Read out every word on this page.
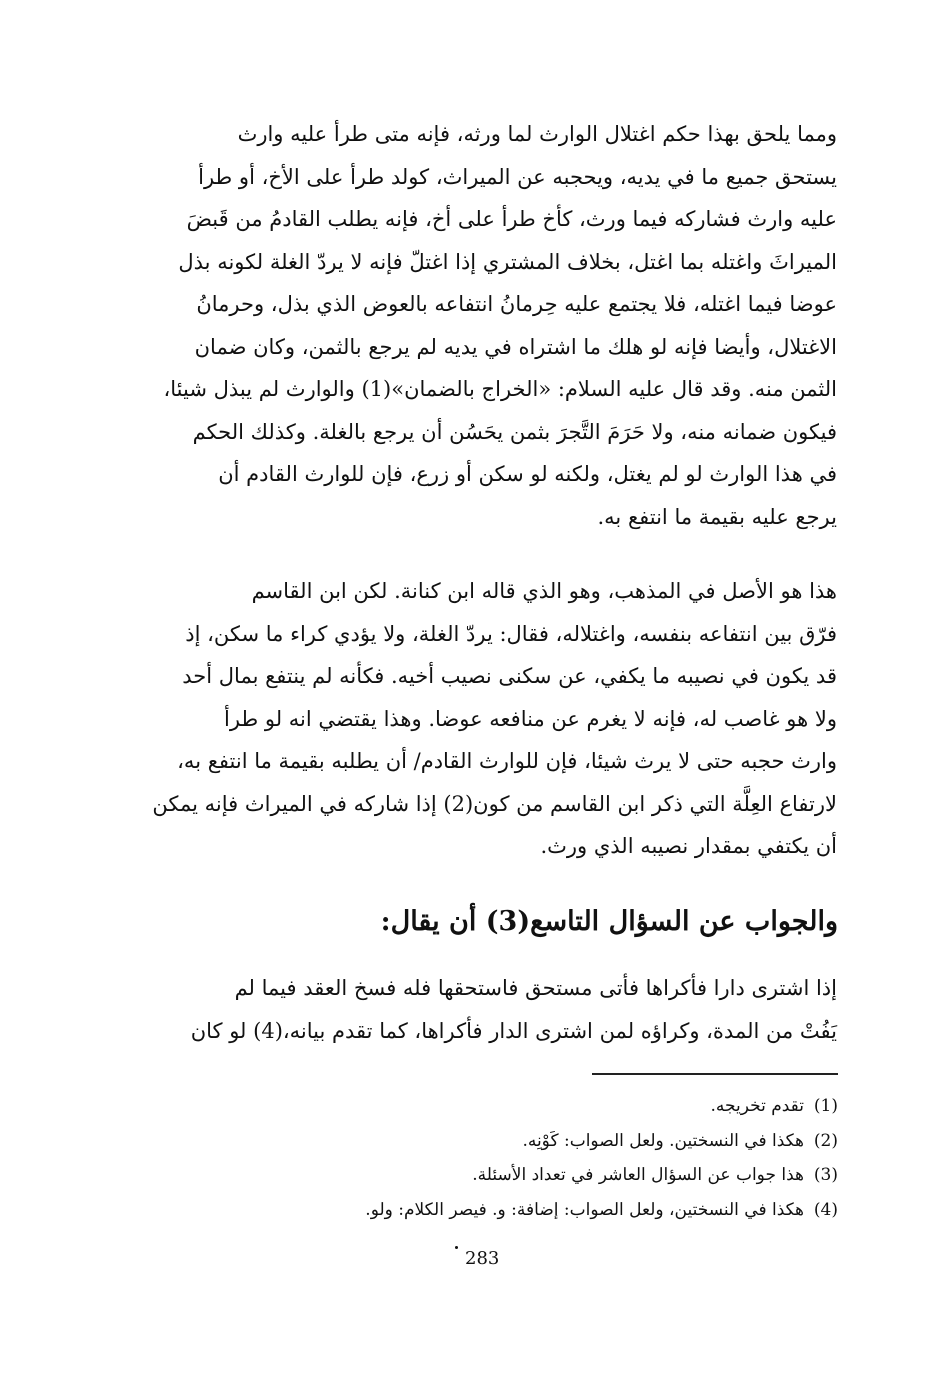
ومما يلحق بهذا حكم اغتلال الوارث لما ورثه، فإنه متى طرأ عليه وارث
يستحق جميع ما في يديه، ويحجبه عن الميراث، كولد طرأ على الأخ، أو طرأ
عليه وارث فشاركه فيما ورث، كأخ طرأ على أخ، فإنه يطلب القادمُ من قَبضَ
الميراثَ واغتله بما اغتل، بخلاف المشتري إذا اغتلّ فإنه لا يردّ الغلة لكونه بذل
عوضا فيما اغتله، فلا يجتمع عليه حِرمانُ انتفاعه بالعوض الذي بذل، وحرمانُ
الاغتلال، وأيضا فإنه لو هلك ما اشتراه في يديه لم يرجع بالثمن، وكان ضمان
الثمن منه. وقد قال عليه السلام: «الخراج بالضمان»(1) والوارث لم يبذل شيئا،
فيكون ضمانه منه، ولا حَرَمَ التَّجرَ بثمن يحَسُن أن يرجع بالغلة. وكذلك الحكم
في هذا الوارث لو لم يغتل، ولكنه لو سكن أو زرع، فإن للوارث القادم أن
يرجع عليه بقيمة ما انتفع به.
هذا هو الأصل في المذهب، وهو الذي قاله ابن كنانة. لكن ابن القاسم
فرّق بين انتفاعه بنفسه، واغتلاله، فقال: يردّ الغلة، ولا يؤدي كراء ما سكن، إذ
قد يكون في نصيبه ما يكفي، عن سكنى نصيب أخيه. فكأنه لم ينتفع بمال أحد
ولا هو غاصب له، فإنه لا يغرم عن منافعه عوضا. وهذا يقتضي انه لو طرأ
وارث حجبه حتى لا يرث شيئا، فإن للوارث القادم/ أن يطلبه بقيمة ما انتفع به،
لارتفاع العِلَّة التي ذكر ابن القاسم من كون(2) إذا شاركه في الميراث فإنه يمكن
أن يكتفي بمقدار نصيبه الذي ورث.
والجواب عن السؤال التاسع(3) أن يقال:
إذا اشترى دارا فأكراها فأتى مستحق فاستحقها فله فسخ العقد فيما لم
يَفُتْ من المدة، وكراؤه لمن اشترى الدار فأكراها، كما تقدم بيانه،(4) لو كان
(1)تقدم تخريجه.
(2)هكذا في النسختين. ولعل الصواب: كَوْنِه.
(3)هذا جواب عن السؤال العاشر في تعداد الأسئلة.
(4)هكذا في النسختين، ولعل الصواب: إضافة: و. فيصر الكلام: ولو.
283
